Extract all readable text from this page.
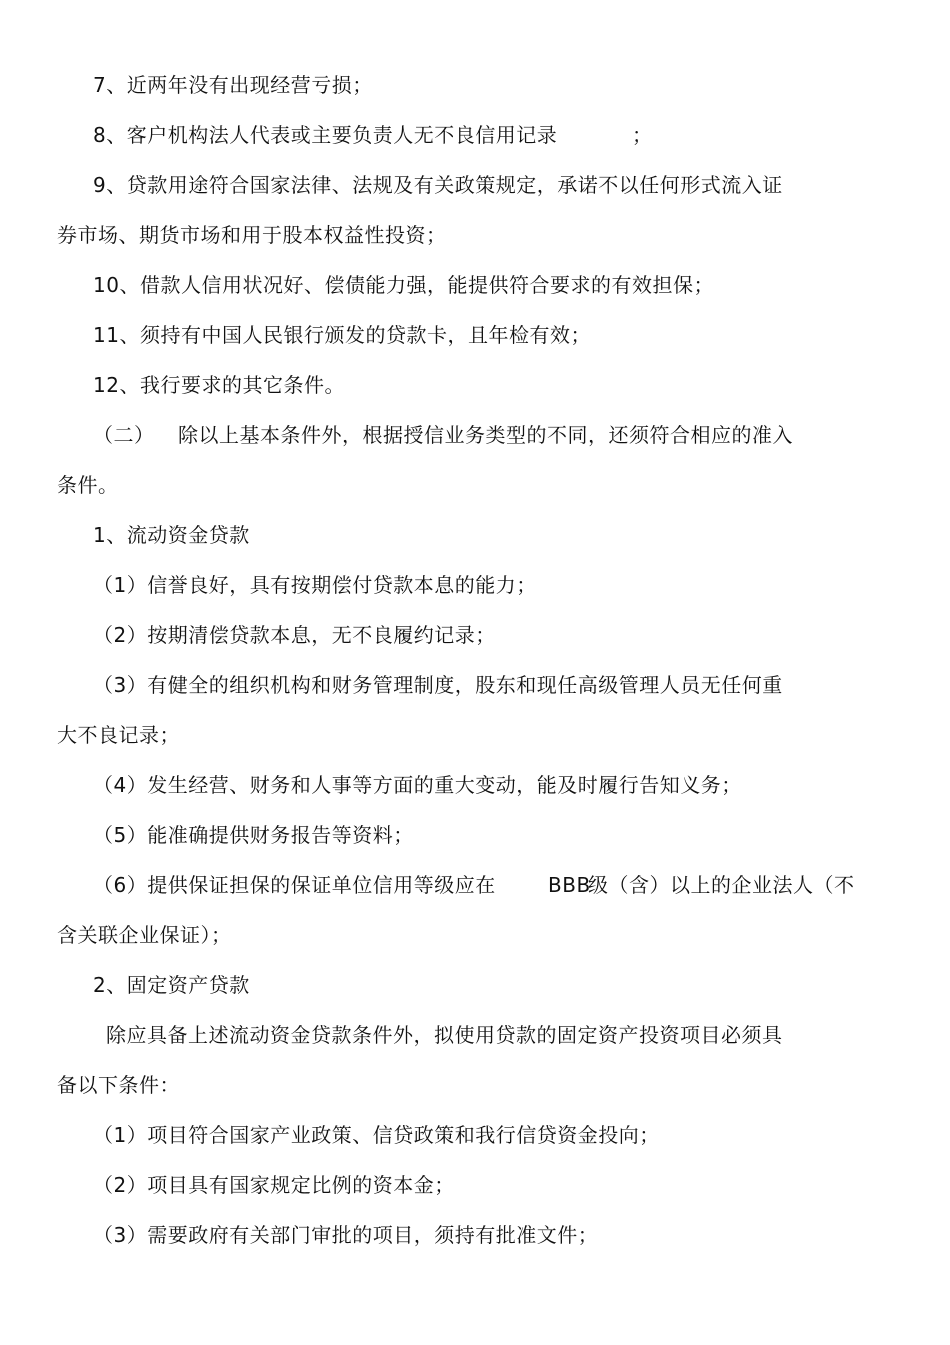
7、近两年没有出现经营亏损；
8、客户机构法人代表或主要负责人无不良信用记录	；
9、贷款用途符合国家法律、法规及有关政策规定，承诺不以任何形式流入证
券市场、期货市场和用于股本权益性投资；
10、借款人信用状况好、偿债能力强，能提供符合要求的有效担保；
11、须持有中国人民银行颁发的贷款卡，且年检有效；
12、我行要求的其它条件。
（二） 除以上基本条件外，根据授信业务类型的不同，还须符合相应的准入
条件。
1、流动资金贷款
（1）信誉良好，具有按期偿付贷款本息的能力；
（2）按期清偿贷款本息，无不良履约记录；
（3）有健全的组织机构和财务管理制度，股东和现任高级管理人员无任何重
大不良记录；
（4）发生经营、财务和人事等方面的重大变动，能及时履行告知义务；
（5）能准确提供财务报告等资料；
（6）提供保证担保的保证单位信用等级应在	BBB
级（含）以上的企业法人（不
含关联企业保证）；
2、固定资产贷款
除应具备上述流动资金贷款条件外，拟使用贷款的固定资产投资项目必须具
备以下条件：
（1）项目符合国家产业政策、信贷政策和我行信贷资金投向；
（2）项目具有国家规定比例的资本金；
（3）需要政府有关部门审批的项目，须持有批准文件；
